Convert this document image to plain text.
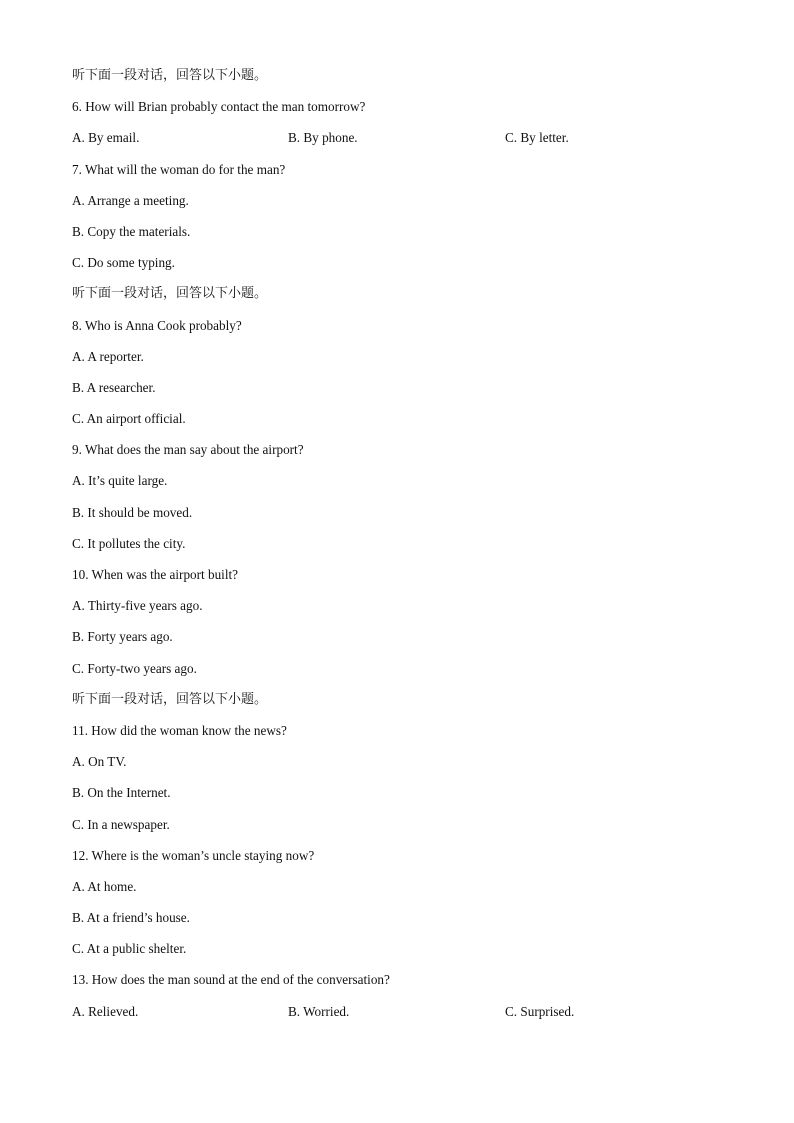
听下面一段对话，回答以下小题。
6. How will Brian probably contact the man tomorrow?
A. By email.	B. By phone.	C. By letter.
7. What will the woman do for the man?
A. Arrange a meeting.
B. Copy the materials.
C. Do some typing.
听下面一段对话，回答以下小题。
8. Who is Anna Cook probably?
A. A reporter.
B. A researcher.
C. An airport official.
9. What does the man say about the airport?
A. It’s quite large.
B. It should be moved.
C. It pollutes the city.
10. When was the airport built?
A. Thirty-five years ago.
B. Forty years ago.
C. Forty-two years ago.
听下面一段对话，回答以下小题。
11. How did the woman know the news?
A. On TV.
B. On the Internet.
C. In a newspaper.
12. Where is the woman’s uncle staying now?
A. At home.
B. At a friend’s house.
C. At a public shelter.
13. How does the man sound at the end of the conversation?
A. Relieved.	B. Worried.	C. Surprised.
